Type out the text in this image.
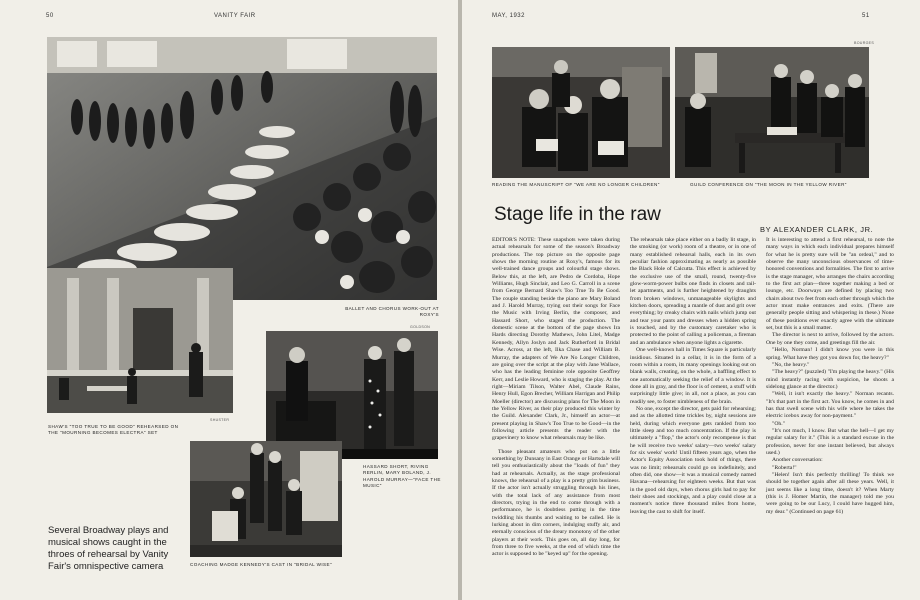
50	VANITY FAIR
BALLET AND CHORUS WORK-OUT AT ROXY'S
SHUSTER
SHAW'S "TOO TRUE TO BE GOOD" REHEARSED ON THE "MOURNING BECOMES ELECTRA" SET
GOLDSON
HASSARD SHORT, RIVING RERLIN, MARY BOLAND, J. HAROLD MURRAY—"FACE THE MUSIC"
COACHING MADGE KENNEDY'S CAST IN "BRIDAL WISE"
Several Broadway plays and musical shows caught in the throes of rehearsal by Vanity Fair's omnispective camera
MAY, 1932	51
READING THE MANUSCRIPT OF "WE ARE NO LONGER CHILDREN"
BOURGES
GUILD CONFERENCE ON "THE MOON IN THE YELLOW RIVER"
Stage life in the raw
BY ALEXANDER CLARK, JR.

EDITOR'S NOTE: These snapshots were taken during actual rehearsals for some of the season's Broadway productions. The top picture on the opposite page shows the morning routine at Roxy's, famous for its well-trained dance groups and colourful stage shows. Below this, at the left, are Pedro de Cordoba, Hope Williams, Hugh Sinclair, and Leo G. Carroll in a scene from George Bernard Shaw's Too True To Be Good. The couple standing beside the piano are Mary Boland and J. Harold Murray, trying out their songs for Face the Music with Irving Berlin, the composer, and Hassard Short, who staged the production. The domestic scene at the bottom of the page shows Ira Hards directing Dorothy Mathews, John Litel, Madge Kennedy, Allyn Joslyn and Jack Rutherford in Bridal Wise. Across, at the left, Ilka Chase and William B. Murray, the adapters of We Are No Longer Children, are going over the script at the play with Jane Wallace, who has the leading feminine role opposite Geoffrey Kerr, and Leslie Howard, who is staging the play. At the right—Miriam Tilson, Walter Abel, Claude Rains, Henry Hull, Egon Brecher, William Harrigan and Philip Moeller (director) are discussing plans for The Moon in the Yellow River, as their play produced this winter by the Guild. Alexander Clark, Jr., himself an actor—at present playing in Shaw's Too True to be Good—in the following article presents the reader with the grapevinery to know what rehearsals may be like.

Those pleasant amateurs who put on a little something by Dunsany in East Orange or Hartsdale will tell you enthusiastically about the "loads of fun" they had at rehearsals. Actually, as the stage professional knows, the rehearsal of a play is a pretty grim business. If the actor isn't actually struggling through his lines, with the total lack of any assistance from most directors, trying in the end to come through with a performance, he is doubtless putting in the time twiddling his thumbs and waiting to be called. He is lurking about in dim corners, indulging stuffy air, and eternally conscious of the dreary monotony of the other players at their work. This goes on, all day long, for from three to five weeks, at the end of which time the actor is supposed to be "keyed up" for the opening.

The rehearsals take place either on a badly lit stage, in the smoking (or work) room of a theatre, or in one of many established rehearsal halls, each in its own peculiar fashion approximating as nearly as possible the Black Hole of Calcutta. This effect is achieved by the exclusive use of the small, round, twenty-five glow-worm-power bulbs one finds in closets and rail-let apartments, and is further heightened by draughts from broken windows, unmanageable skylights and kitchen doors, spreading a mantle of dust and grit over everything; by creaky chairs with nails which jump out and tear your pants and dresses when a hidden spring is touched, and by the customary caretaker who is protected to the point of calling a policeman, a fireman and an ambulance when anyone lights a cigarette.

One well-known hall in Times Square is particularly insidious. Situated in a cellar, it is in the form of a room within a room, its many openings looking out on blank walls, creating, on the whole, a baffling effect to one automatically seeking the relief of a window. It is done all in gray, and the floor is of cement, a stuff with surprisingly little give; in all, not a place, as you can readily see, to foster nimbleness of the brain.

No one, except the director, gets paid for rehearsing; and as the allotted time trickles by, night sessions are held, during which everyone gets rankled from too little sleep and too much concentration. If the play is ultimately a "flop," the actor's only recompense is that he will receive two weeks' salary—two weeks' salary for six weeks' work! Until fifteen years ago, when the Actor's Equity Association took hold of things, there was no limit; rehearsals could go on indefinitely, and often did, one show—it was a musical comedy named Havana—rehearsing for eighteen weeks. But that was in the good old days, when chorus girls had to pay for their shoes and stockings, and a play could close at a moment's notice three thousand miles from home, leaving the cast to shift for itself.

It is interesting to attend a first rehearsal, to note the many ways in which each individual prepares himself for what he is pretty sure will be "an ordeal," and to observe the many unconscious observances of time-honored conventions and formalities. The first to arrive is the stage manager, who arranges the chairs according to the first act plan—three together making a bed or lounge, etc. Doorways are defined by placing two chairs about two feet from each other through which the actor must make entrances and exits. (There are generally people sitting and whispering in these.) None of these positions ever exactly agree with the ultimate set, but this is a small matter.

The director is next to arrive, followed by the actors. One by one they come, and greetings fill the air.

"Hello, Norman! I didn't know you were in this spring. What have they got you down for, the heavy?"

"No, the heavy."

"The heavy?" (puzzled) "I'm playing the heavy." (His mind instantly racing with suspicion, he shoots a sidelong glance at the director.)

"Well, it isn't exactly the heavy." Norman recants. "It's that part in the first act. You know, he comes in and has that swell scene with his wife where he takes the electric icebox away for non-payment."

"Oh."

"It's not much, I know. But what the hell—I get my regular salary for it." (This is a standard excuse in the profession, never for one instant believed, but always used.)

Another conversation:

"Roberta!"

"Helen! Isn't this perfectly thrilling! To think we should be together again after all these years. Well, it just seems like a long time, doesn't it? When Marty (this is J. Homer Martin, the manager) told me you were going to be our Lucy, I could have hugged him, my dear." (Continued on page 61)
